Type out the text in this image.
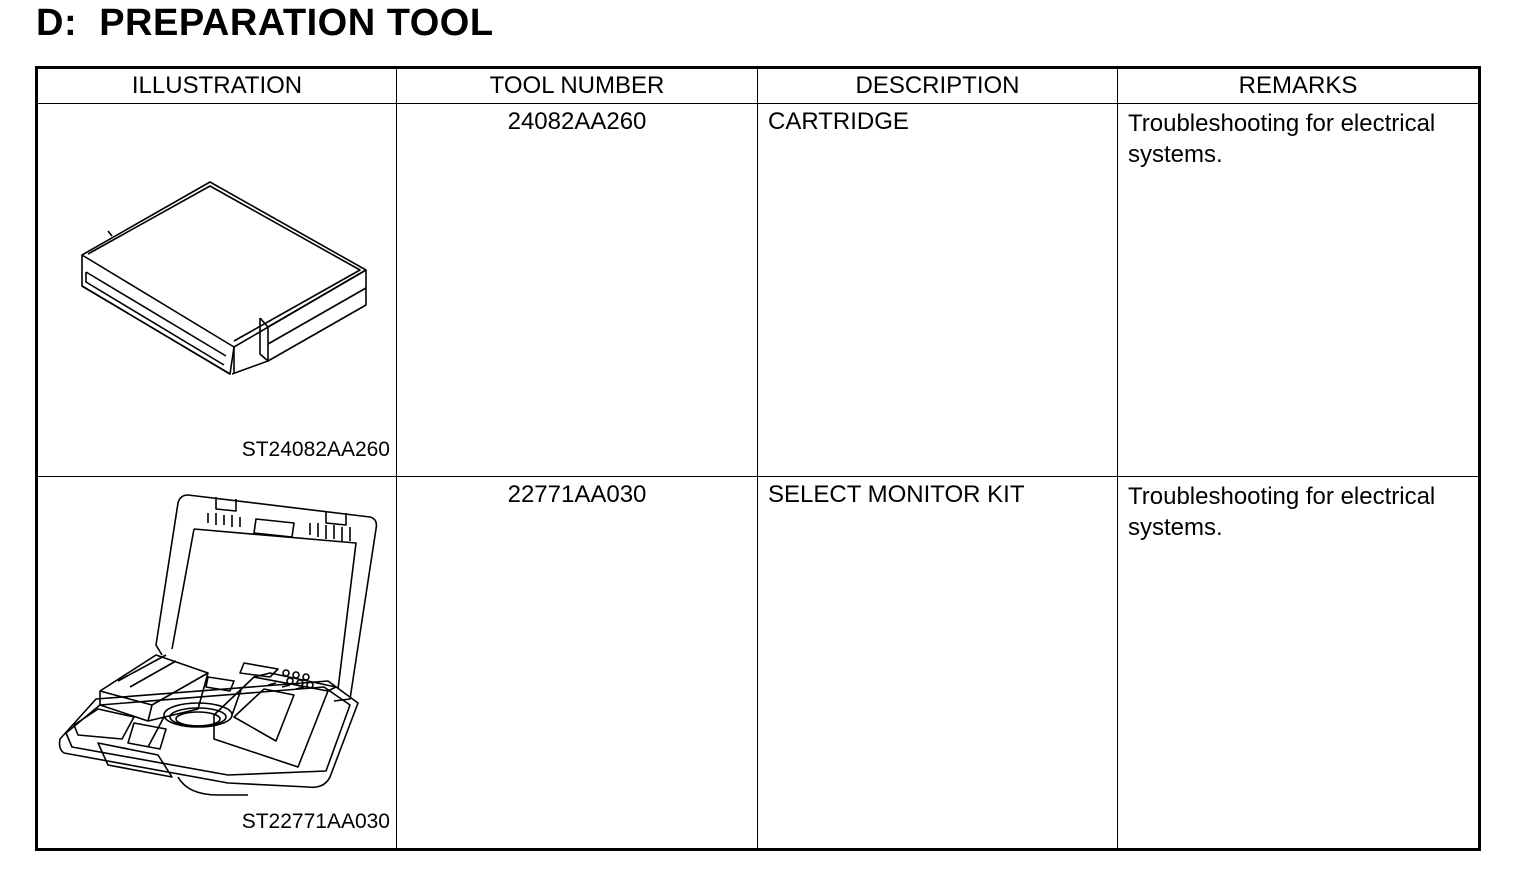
D:  PREPARATION TOOL
ILLUSTRATION	TOOL NUMBER	DESCRIPTION	REMARKS

ST24082AA260	24082AA260	CARTRIDGE	Troubleshooting for electrical systems.

ST22771AA030	22771AA030	SELECT MONITOR KIT	Troubleshooting for electrical systems.
